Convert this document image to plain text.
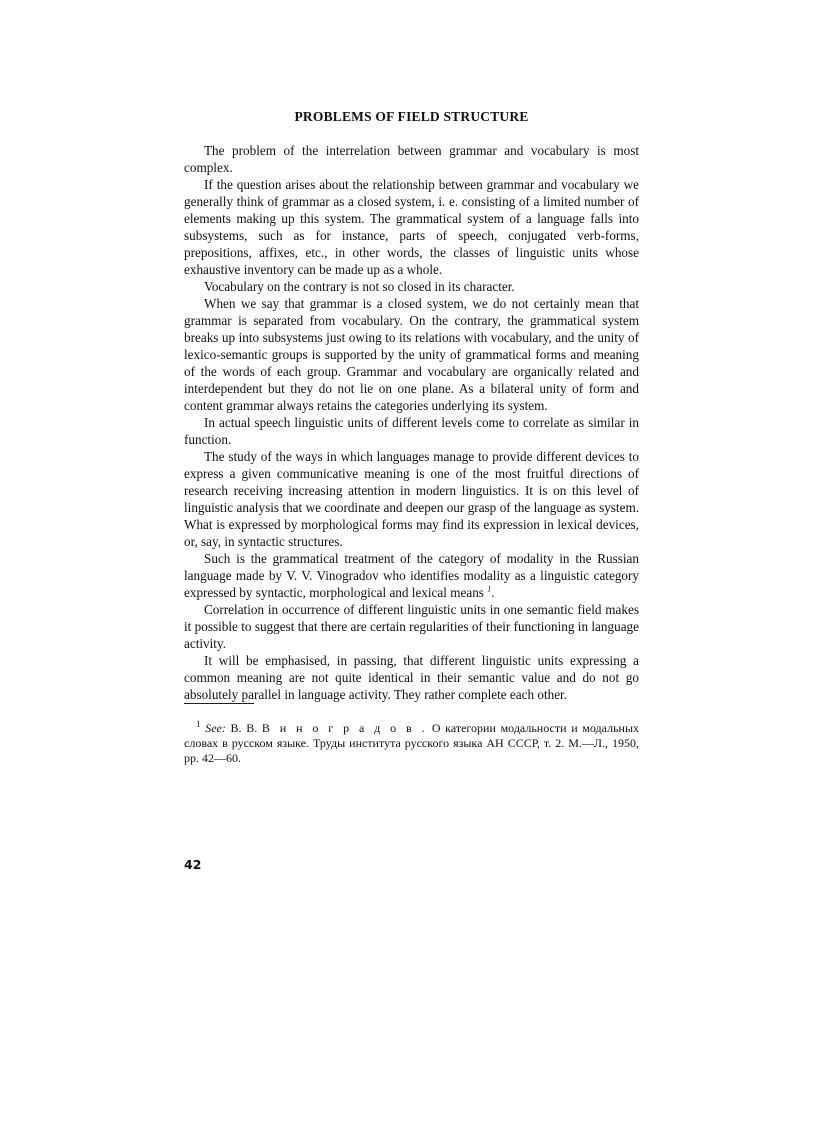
PROBLEMS OF FIELD STRUCTURE

The problem of the interrelation between grammar and vocabulary is most complex.

If the question arises about the relationship between grammar and vocabulary we generally think of grammar as a closed system, i. e. consisting of a limited number of elements making up this system. The grammatical system of a language falls into subsystems, such as for instance, parts of speech, conjugated verb-forms, prepositions, affixes, etc., in other words, the classes of linguistic units whose exhaustive inventory can be made up as a whole.

Vocabulary on the contrary is not so closed in its character.

When we say that grammar is a closed system, we do not certainly mean that grammar is separated from vocabulary. On the contrary, the grammatical system breaks up into subsystems just owing to its relations with vocabulary, and the unity of lexico-semantic groups is supported by the unity of grammatical forms and meaning of the words of each group. Grammar and vocabulary are organically related and interdependent but they do not lie on one plane. As a bilateral unity of form and content grammar always retains the categories underlying its system.

In actual speech linguistic units of different levels come to correlate as similar in function.

The study of the ways in which languages manage to provide different devices to express a given communicative meaning is one of the most fruitful directions of research receiving increasing attention in modern linguistics. It is on this level of linguistic analysis that we coordinate and deepen our grasp of the language as system. What is expressed by morphological forms may find its expression in lexical devices, or, say, in syntactic structures.

Such is the grammatical treatment of the category of modality in the Russian language made by V. V. Vinogradov who identifies modality as a linguistic category expressed by syntactic, morphological and lexical means $^1$.

Correlation in occurrence of different linguistic units in one semantic field makes it possible to suggest that there are certain regularities of their functioning in language activity.

It will be emphasised, in passing, that different linguistic units expressing a common meaning are not quite identical in their semantic value and do not go absolutely parallel in language activity. They rather complete each other.

$^1$ See: В. В. В и н о г р а д о в . О категории модальности и модальных словах в русском языке. Труды института русского языка АН СССР, т. 2. М.—Л., 1950, pp. 42—60.
42
